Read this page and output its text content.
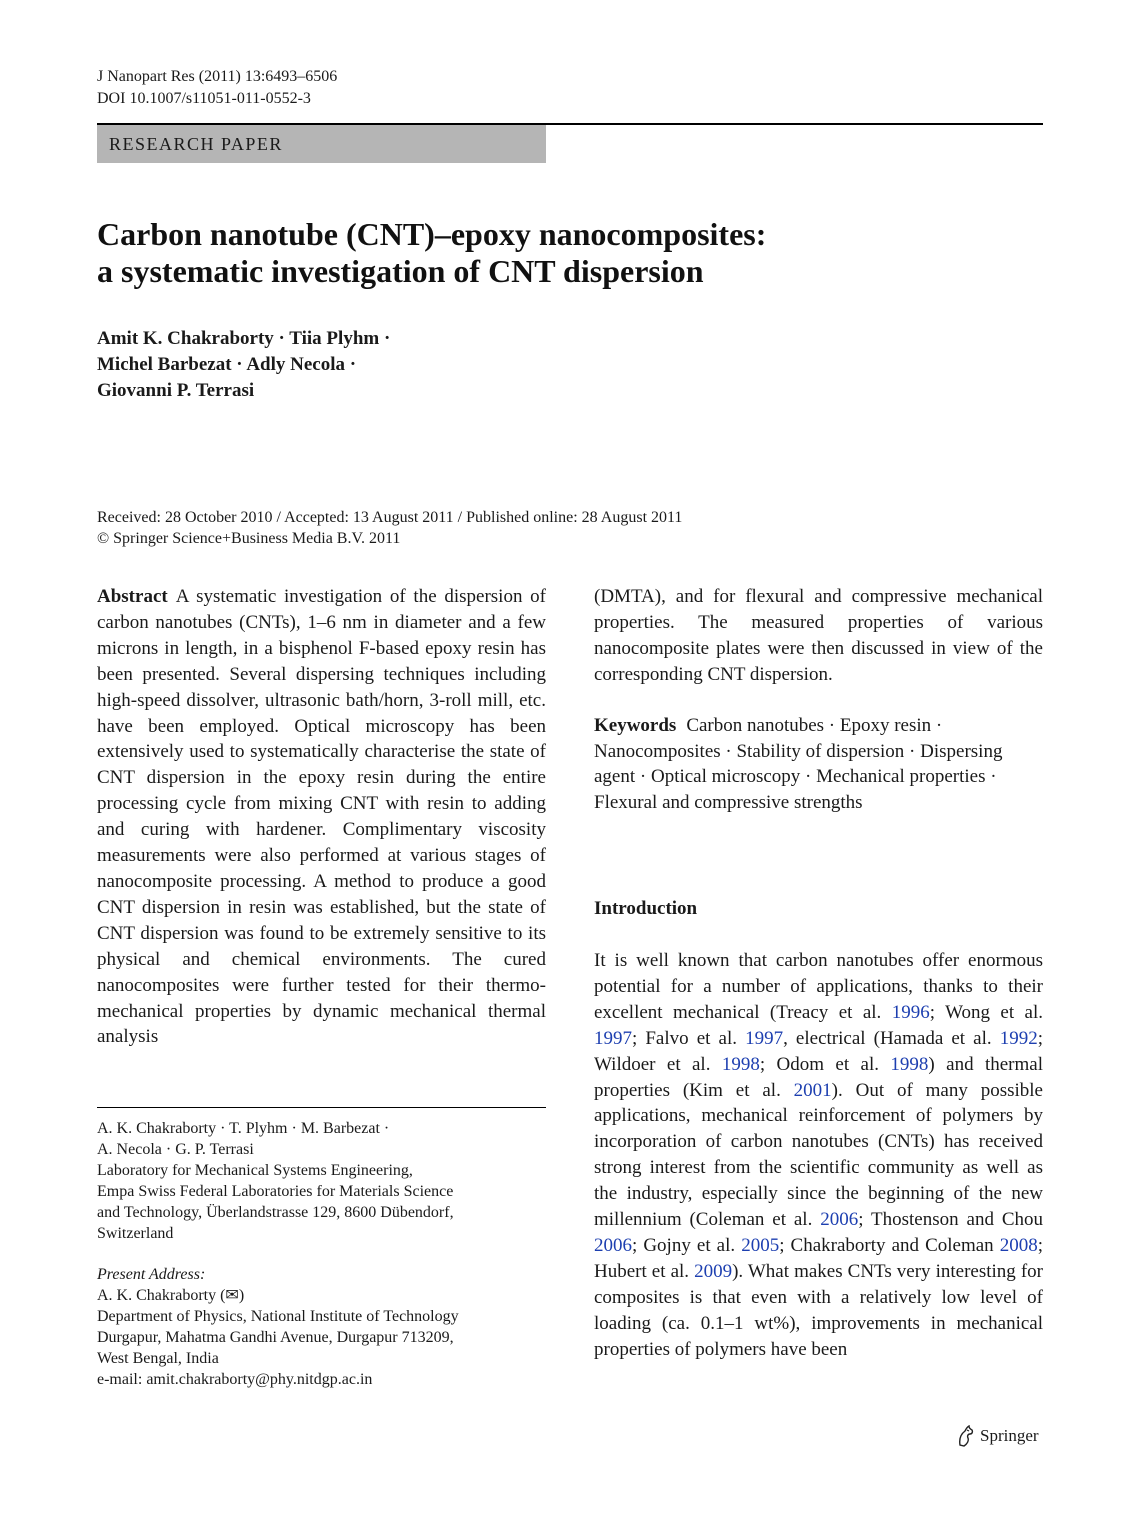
J Nanopart Res (2011) 13:6493–6506
DOI 10.1007/s11051-011-0552-3
RESEARCH PAPER
Carbon nanotube (CNT)–epoxy nanocomposites:
a systematic investigation of CNT dispersion
Amit K. Chakraborty · Tiia Plyhm ·
Michel Barbezat · Adly Necola ·
Giovanni P. Terrasi
Received: 28 October 2010 / Accepted: 13 August 2011 / Published online: 28 August 2011
© Springer Science+Business Media B.V. 2011

Abstract A systematic investigation of the dispersion of carbon nanotubes (CNTs), 1–6 nm in diameter and a few microns in length, in a bisphenol F-based epoxy resin has been presented. Several dispersing techniques including high-speed dissolver, ultrasonic bath/horn, 3-roll mill, etc. have been employed. Optical microscopy has been extensively used to systematically characterise the state of CNT dispersion in the epoxy resin during the entire processing cycle from mixing CNT with resin to adding and curing with hardener. Complimentary viscosity measurements were also performed at various stages of nanocomposite processing. A method to produce a good CNT dispersion in resin was established, but the state of CNT dispersion was found to be extremely sensitive to its physical and chemical environments. The cured nanocomposites were further tested for their thermo-mechanical properties by dynamic mechanical thermal analysis

(DMTA), and for flexural and compressive mechanical properties. The measured properties of various nanocomposite plates were then discussed in view of the corresponding CNT dispersion.

Keywords Carbon nanotubes · Epoxy resin · Nanocomposites · Stability of dispersion · Dispersing agent · Optical microscopy · Mechanical properties · Flexural and compressive strengths

Introduction

It is well known that carbon nanotubes offer enormous potential for a number of applications, thanks to their excellent mechanical (Treacy et al. 1996; Wong et al. 1997; Falvo et al. 1997, electrical (Hamada et al. 1992; Wildoer et al. 1998; Odom et al. 1998) and thermal properties (Kim et al. 2001). Out of many possible applications, mechanical reinforcement of polymers by incorporation of carbon nanotubes (CNTs) has received strong interest from the scientific community as well as the industry, especially since the beginning of the new millennium (Coleman et al. 2006; Thostenson and Chou 2006; Gojny et al. 2005; Chakraborty and Coleman 2008; Hubert et al. 2009). What makes CNTs very interesting for composites is that even with a relatively low level of loading (ca. 0.1–1 wt%), improvements in mechanical properties of polymers have been

A. K. Chakraborty · T. Plyhm · M. Barbezat ·
A. Necola · G. P. Terrasi
Laboratory for Mechanical Systems Engineering,
Empa Swiss Federal Laboratories for Materials Science
and Technology, Überlandstrasse 129, 8600 Dübendorf,
Switzerland
Present Address:
A. K. Chakraborty (✉)
Department of Physics, National Institute of Technology
Durgapur, Mahatma Gandhi Avenue, Durgapur 713209,
West Bengal, India
e-mail: amit.chakraborty@phy.nitdgp.ac.in
Springer
